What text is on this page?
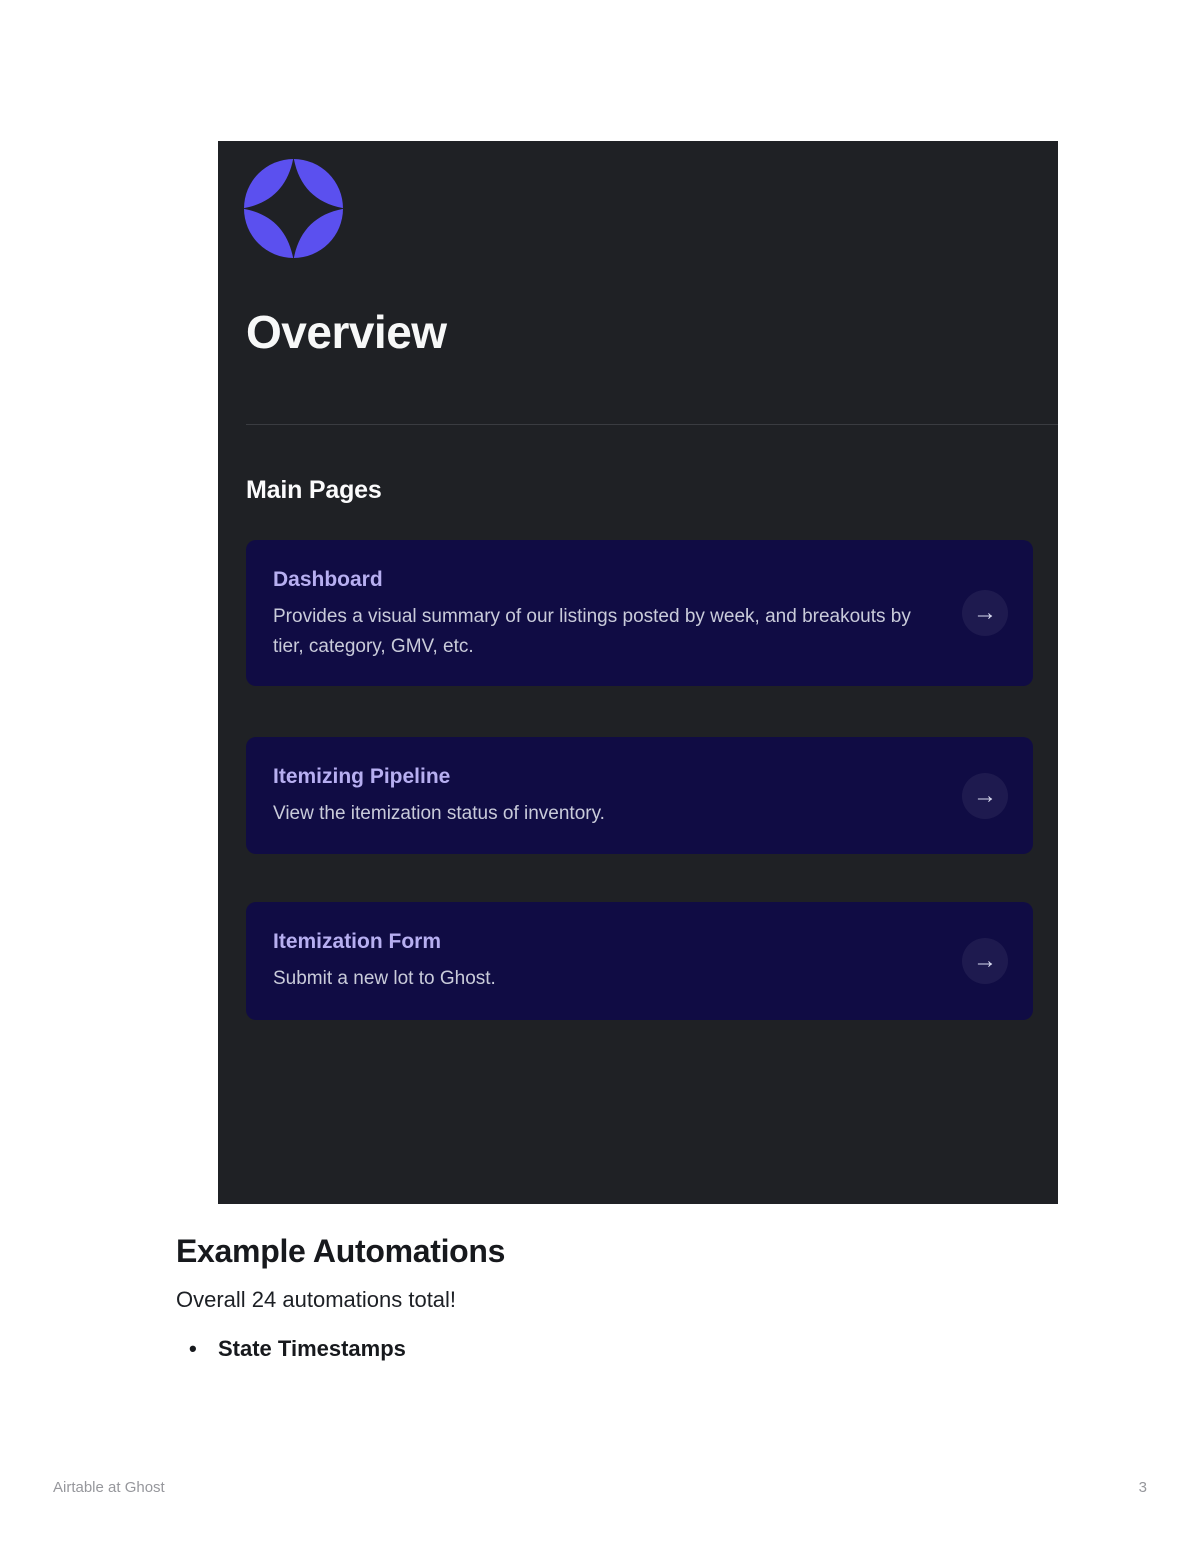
Overview
Main Pages

Dashboard

Provides a visual summary of our listings posted by week, and breakouts by tier, category, GMV, etc.

→

Itemizing Pipeline

View the itemization status of inventory.

→

Itemization Form

Submit a new lot to Ghost.

→
Example Automations
Overall 24 automations total!
• State Timestamps
Airtable at Ghost	3
